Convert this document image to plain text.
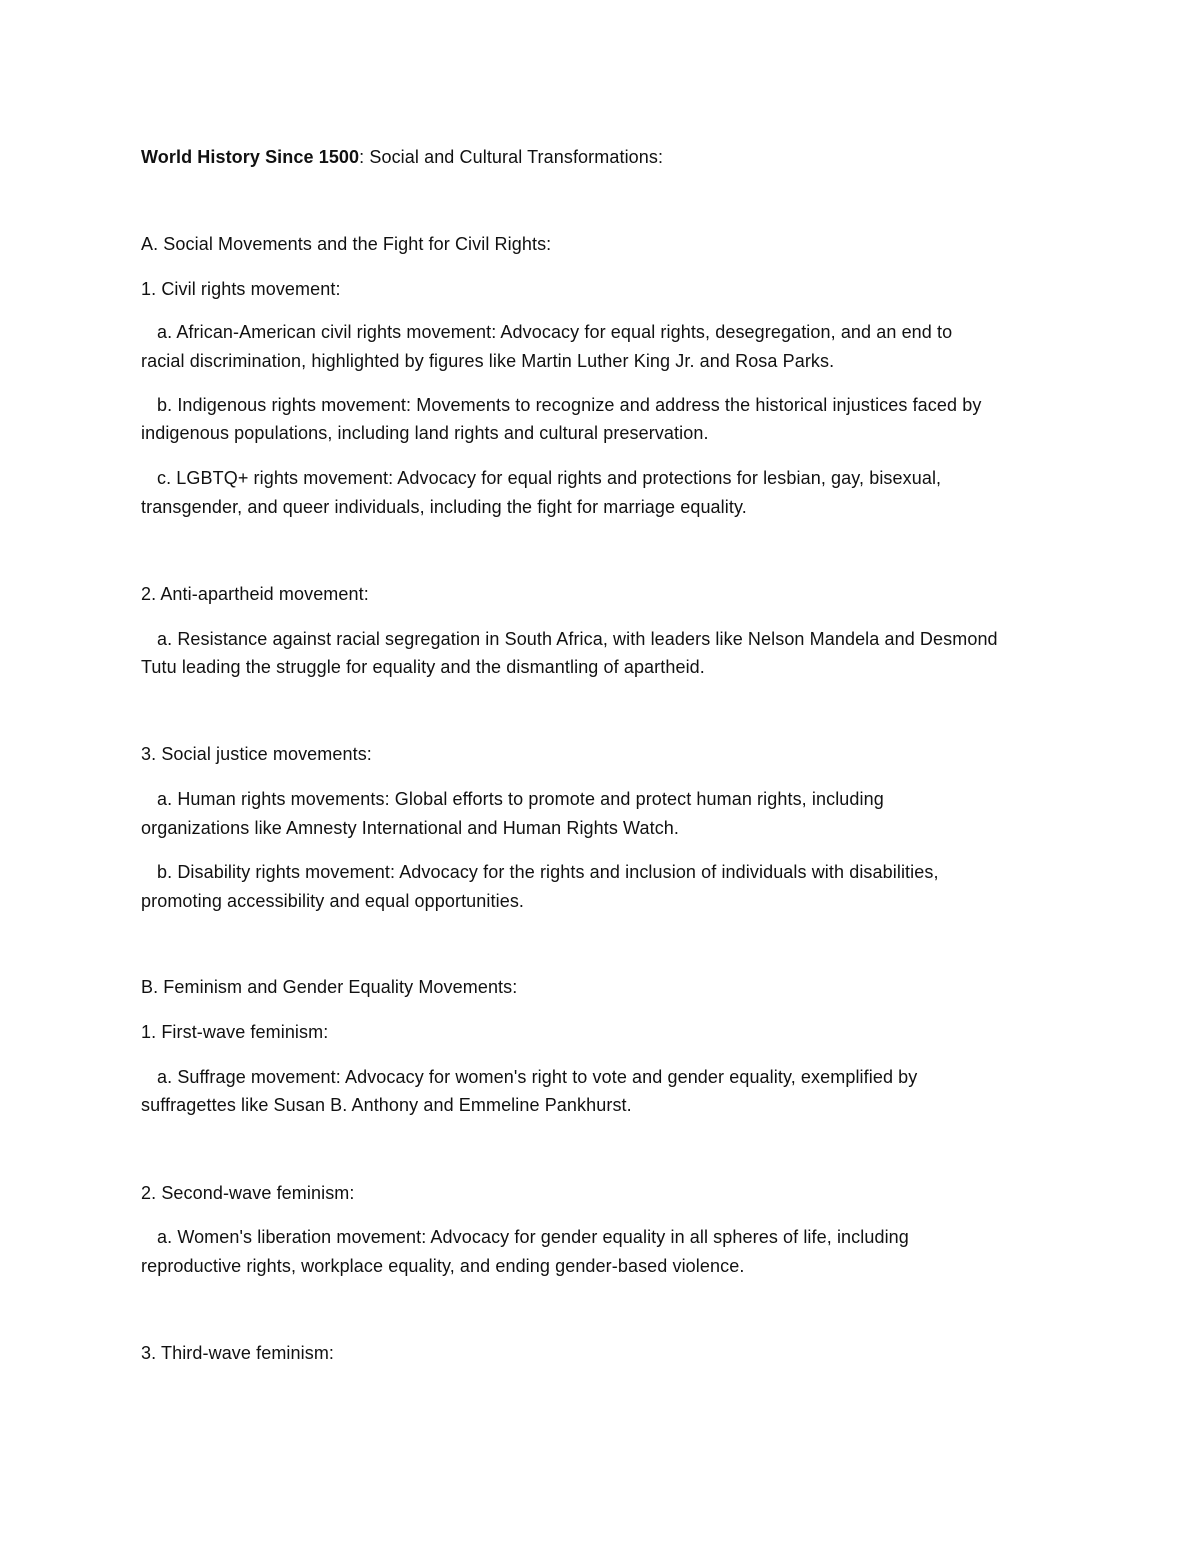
World History Since 1500: Social and Cultural Transformations:
A. Social Movements and the Fight for Civil Rights:
1. Civil rights movement:
a. African-American civil rights movement: Advocacy for equal rights, desegregation, and an end to
racial discrimination, highlighted by figures like Martin Luther King Jr. and Rosa Parks.
b. Indigenous rights movement: Movements to recognize and address the historical injustices faced by
indigenous populations, including land rights and cultural preservation.
c. LGBTQ+ rights movement: Advocacy for equal rights and protections for lesbian, gay, bisexual,
transgender, and queer individuals, including the fight for marriage equality.
2. Anti-apartheid movement:
a. Resistance against racial segregation in South Africa, with leaders like Nelson Mandela and Desmond
Tutu leading the struggle for equality and the dismantling of apartheid.
3. Social justice movements:
a. Human rights movements: Global efforts to promote and protect human rights, including
organizations like Amnesty International and Human Rights Watch.
b. Disability rights movement: Advocacy for the rights and inclusion of individuals with disabilities,
promoting accessibility and equal opportunities.
B. Feminism and Gender Equality Movements:
1. First-wave feminism:
a. Suffrage movement: Advocacy for women's right to vote and gender equality, exemplified by
suffragettes like Susan B. Anthony and Emmeline Pankhurst.
2. Second-wave feminism:
a. Women's liberation movement: Advocacy for gender equality in all spheres of life, including
reproductive rights, workplace equality, and ending gender-based violence.
3. Third-wave feminism:
